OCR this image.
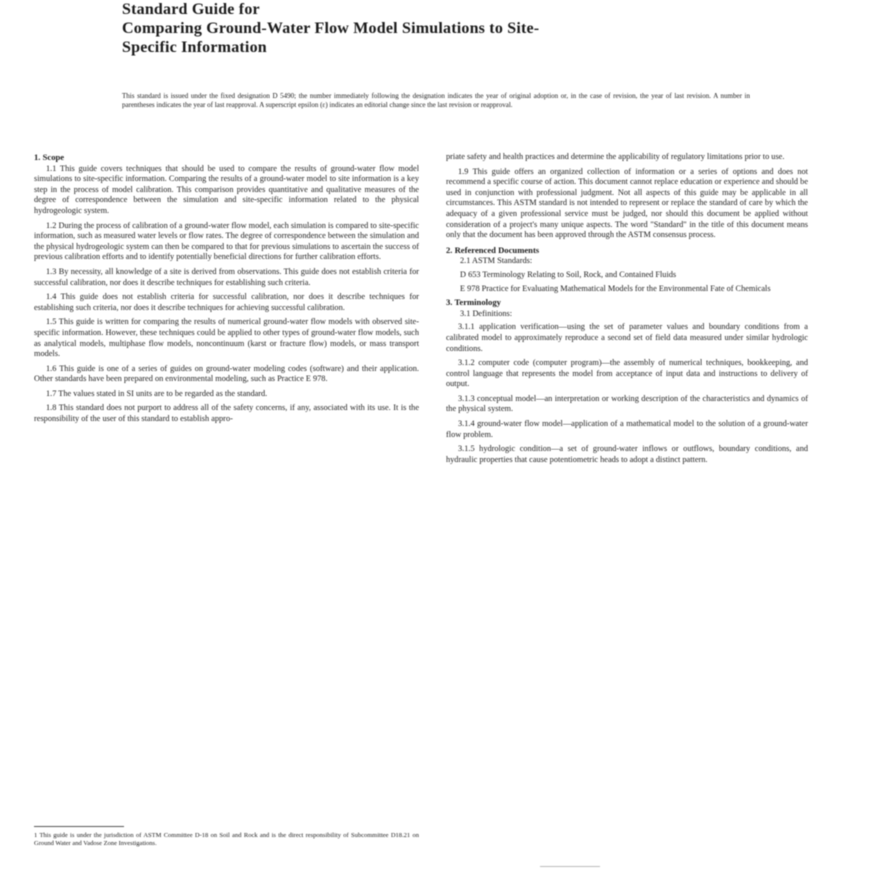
Standard Guide for
Comparing Ground-Water Flow Model Simulations to Site-
Specific Information
This standard is issued under the fixed designation D 5490; the number immediately following the designation indicates the year of original adoption or, in the case of revision, the year of last revision. A number in parentheses indicates the year of last reapproval. A superscript epsilon (ε) indicates an editorial change since the last revision or reapproval.
1. Scope
1.1 This guide covers techniques that should be used to compare the results of ground-water flow model simulations to site-specific information. Comparing the results of a ground-water model to site information is a key step in the process of model calibration. This comparison provides quantitative and qualitative measures of the degree of correspondence between the simulation and site-specific information related to the physical hydrogeologic system.
1.2 During the process of calibration of a ground-water flow model, each simulation is compared to site-specific information, such as measured water levels or flow rates. The degree of correspondence between the simulation and the physical hydrogeologic system can then be compared to that for previous simulations to ascertain the success of previous calibration efforts and to identify potentially beneficial directions for further calibration efforts.
1.3 By necessity, all knowledge of a site is derived from observations. This guide does not establish criteria for successful calibration, nor does it describe techniques for establishing such criteria.
1.4 This guide does not establish criteria for successful calibration, nor does it describe techniques for establishing such criteria, nor does it describe techniques for achieving successful calibration.
1.5 This guide is written for comparing the results of numerical ground-water flow models with observed site-specific information. However, these techniques could be applied to other types of ground-water flow models, such as analytical models, multiphase flow models, noncontinuum (karst or fracture flow) models, or mass transport models.
1.6 This guide is one of a series of guides on ground-water modeling codes (software) and their application. Other standards have been prepared on environmental modeling, such as Practice E 978.
1.7 The values stated in SI units are to be regarded as the standard.
1.8 This standard does not purport to address all of the safety concerns, if any, associated with its use. It is the responsibility of the user of this standard to establish appro-
priate safety and health practices and determine the applicability of regulatory limitations prior to use.
1.9 This guide offers an organized collection of information or a series of options and does not recommend a specific course of action. This document cannot replace education or experience and should be used in conjunction with professional judgment. Not all aspects of this guide may be applicable in all circumstances. This ASTM standard is not intended to represent or replace the standard of care by which the adequacy of a given professional service must be judged, nor should this document be applied without consideration of a project's many unique aspects. The word "Standard" in the title of this document means only that the document has been approved through the ASTM consensus process.
2. Referenced Documents
2.1 ASTM Standards:
D 653 Terminology Relating to Soil, Rock, and Contained Fluids
E 978 Practice for Evaluating Mathematical Models for the Environmental Fate of Chemicals
3. Terminology
3.1 Definitions:
3.1.1 application verification—using the set of parameter values and boundary conditions from a calibrated model to approximately reproduce a second set of field data measured under similar hydrologic conditions.
3.1.2 computer code (computer program)—the assembly of numerical techniques, bookkeeping, and control language that represents the model from acceptance of input data and instructions to delivery of output.
3.1.3 conceptual model—an interpretation or working description of the characteristics and dynamics of the physical system.
3.1.4 ground-water flow model—application of a mathematical model to the solution of a ground-water flow problem.
3.1.5 hydrologic condition—a set of ground-water inflows or outflows, boundary conditions, and hydraulic properties that cause potentiometric heads to adopt a distinct pattern.
1 This guide is under the jurisdiction of ASTM Committee D-18 on Soil and Rock and is the direct responsibility of Subcommittee D18.21 on Ground Water and Vadose Zone Investigations.
